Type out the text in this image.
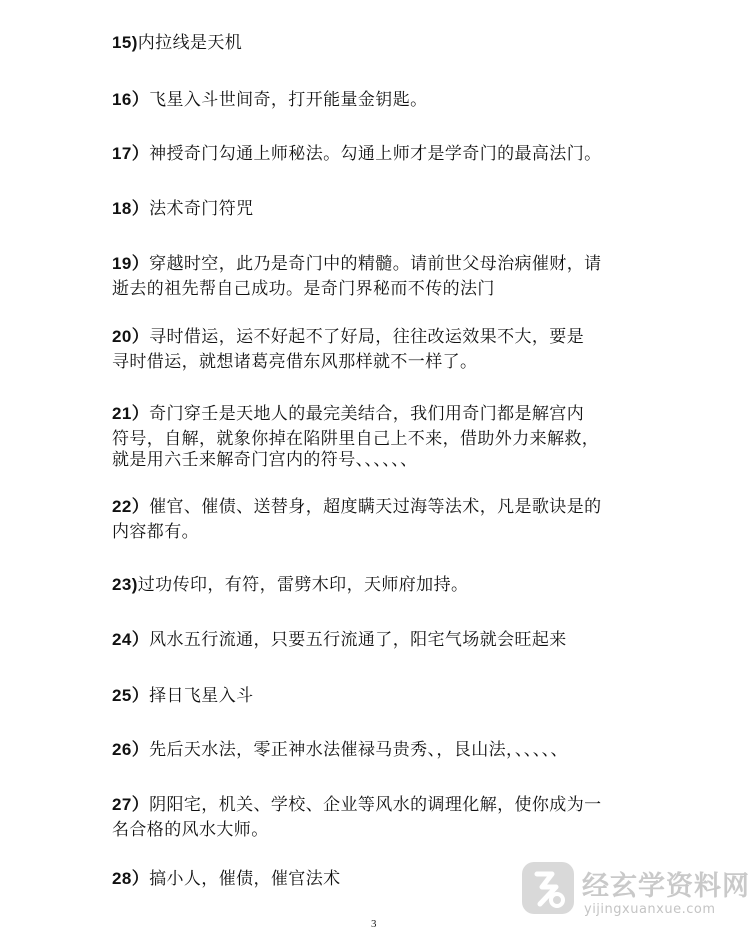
15)内拉线是天机
16）飞星入斗世间奇，打开能量金钥匙。
17）神授奇门勾通上师秘法。勾通上师才是学奇门的最高法门。
18）法术奇门符咒
19）穿越时空，此乃是奇门中的精髓。请前世父母治病催财，请
逝去的祖先帮自己成功。是奇门界秘而不传的法门
20）寻时借运，运不好起不了好局，往往改运效果不大，要是
寻时借运，就想诸葛亮借东风那样就不一样了。
21）奇门穿壬是天地人的最完美结合，我们用奇门都是解宫内
符号，自解，就象你掉在陷阱里自己上不来，借助外力来解救，
就是用六壬来解奇门宫内的符号、、、、、、
22）催官、催债、送替身，超度瞒天过海等法术，凡是歌诀是的
内容都有。
23)过功传印，有符，雷劈木印，天师府加持。
24）风水五行流通，只要五行流通了，阳宅气场就会旺起来
25）择日飞星入斗
26）先后天水法，零正神水法催禄马贵秀、，艮山法，、、、、、
27）阴阳宅，机关、学校、企业等风水的调理化解，使你成为一
名合格的风水大师。
28）搞小人，催债，催官法术
3
经玄学资料网
yijingxuanxue.com
